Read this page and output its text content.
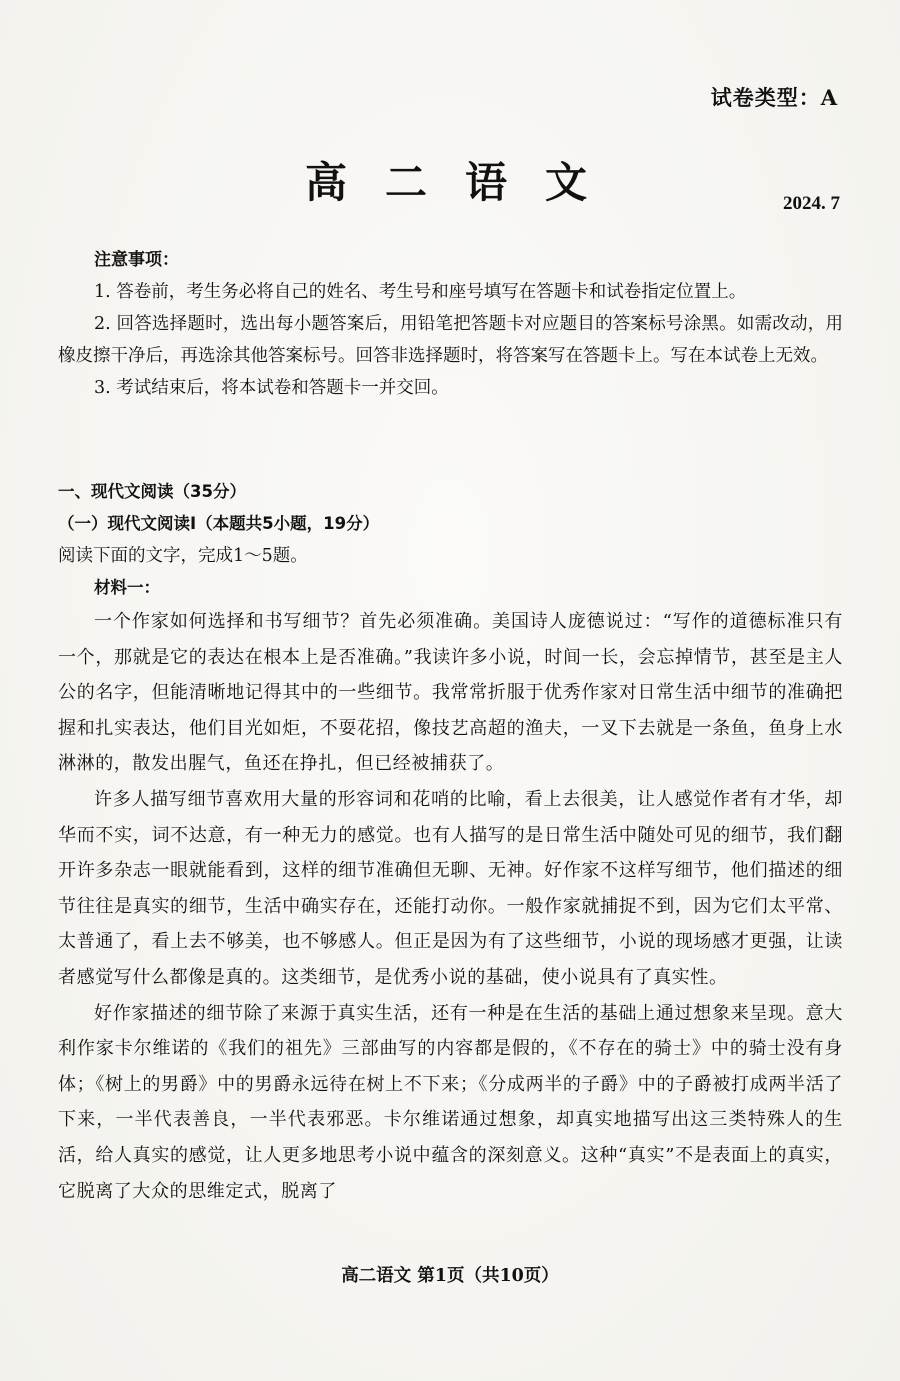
试卷类型：A
高二语文	2024. 7
注意事项：

1. 答卷前，考生务必将自己的姓名、考生号和座号填写在答题卡和试卷指定位置上。

2. 回答选择题时，选出每小题答案后，用铅笔把答题卡对应题目的答案标号涂黑。如需改动，用橡皮擦干净后，再选涂其他答案标号。回答非选择题时，将答案写在答题卡上。写在本试卷上无效。

3. 考试结束后，将本试卷和答题卡一并交回。

一、现代文阅读（35分）
（一）现代文阅读Ⅰ（本题共5小题，19分）
阅读下面的文字，完成1～5题。
材料一：

一个作家如何选择和书写细节？首先必须准确。美国诗人庞德说过：“写作的道德标准只有一个，那就是它的表达在根本上是否准确。”我读许多小说，时间一长，会忘掉情节，甚至是主人公的名字，但能清晰地记得其中的一些细节。我常常折服于优秀作家对日常生活中细节的准确把握和扎实表达，他们目光如炬，不耍花招，像技艺高超的渔夫，一叉下去就是一条鱼，鱼身上水淋淋的，散发出腥气，鱼还在挣扎，但已经被捕获了。

许多人描写细节喜欢用大量的形容词和花哨的比喻，看上去很美，让人感觉作者有才华，却华而不实，词不达意，有一种无力的感觉。也有人描写的是日常生活中随处可见的细节，我们翻开许多杂志一眼就能看到，这样的细节准确但无聊、无神。好作家不这样写细节，他们描述的细节往往是真实的细节，生活中确实存在，还能打动你。一般作家就捕捉不到，因为它们太平常、太普通了，看上去不够美，也不够感人。但正是因为有了这些细节，小说的现场感才更强，让读者感觉写什么都像是真的。这类细节，是优秀小说的基础，使小说具有了真实性。

好作家描述的细节除了来源于真实生活，还有一种是在生活的基础上通过想象来呈现。意大利作家卡尔维诺的《我们的祖先》三部曲写的内容都是假的，《不存在的骑士》中的骑士没有身体；《树上的男爵》中的男爵永远待在树上不下来；《分成两半的子爵》中的子爵被打成两半活了下来，一半代表善良，一半代表邪恶。卡尔维诺通过想象，却真实地描写出这三类特殊人的生活，给人真实的感觉，让人更多地思考小说中蕴含的深刻意义。这种“真实”不是表面上的真实，它脱离了大众的思维定式，脱离了

高二语文 第1页（共10页）
